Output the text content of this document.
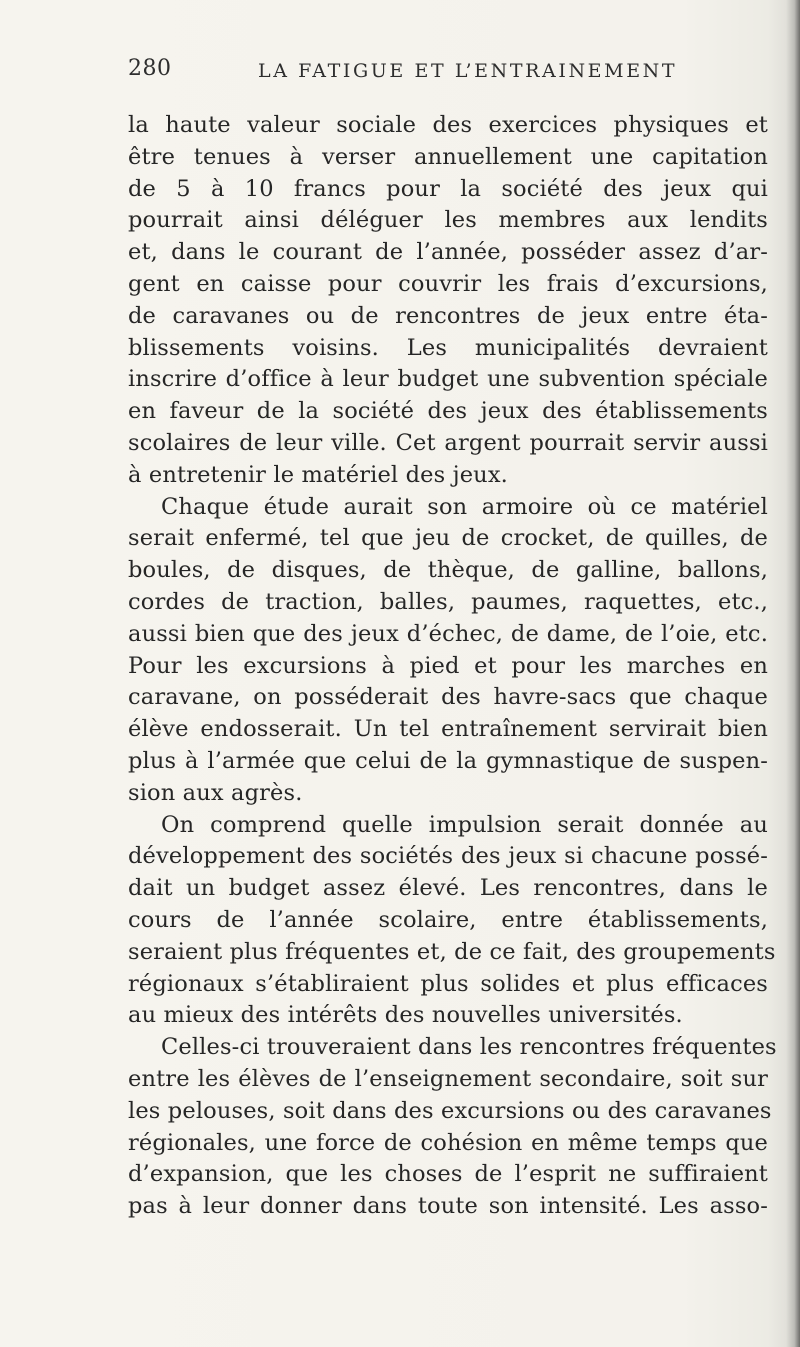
280	LA FATIGUE ET L’ENTRAINEMENT
la haute valeur sociale des exercices physiques et
être tenues à verser annuellement une capitation
de 5 à 10 francs pour la société des jeux qui
pourrait ainsi déléguer les membres aux lendits
et, dans le courant de l’année, posséder assez d’ar-
gent en caisse pour couvrir les frais d’excursions,
de caravanes ou de rencontres de jeux entre éta-
blissements voisins. Les municipalités devraient
inscrire d’office à leur budget une subvention spéciale
en faveur de la société des jeux des établissements
scolaires de leur ville. Cet argent pourrait servir aussi
à entretenir le matériel des jeux.
Chaque étude aurait son armoire où ce matériel
serait enfermé, tel que jeu de crocket, de quilles, de
boules, de disques, de thèque, de galline, ballons,
cordes de traction, balles, paumes, raquettes, etc.,
aussi bien que des jeux d’échec, de dame, de l’oie, etc.
Pour les excursions à pied et pour les marches en
caravane, on posséderait des havre-sacs que chaque
élève endosserait. Un tel entraînement servirait bien
plus à l’armée que celui de la gymnastique de suspen-
sion aux agrès.
On comprend quelle impulsion serait donnée au
développement des sociétés des jeux si chacune possé-
dait un budget assez élevé. Les rencontres, dans le
cours de l’année scolaire, entre établissements,
seraient plus fréquentes et, de ce fait, des groupements
régionaux s’établiraient plus solides et plus efficaces
au mieux des intérêts des nouvelles universités.
Celles-ci trouveraient dans les rencontres fréquentes
entre les élèves de l’enseignement secondaire, soit sur
les pelouses, soit dans des excursions ou des caravanes
régionales, une force de cohésion en même temps que
d’expansion, que les choses de l’esprit ne suffiraient
pas à leur donner dans toute son intensité. Les asso-
